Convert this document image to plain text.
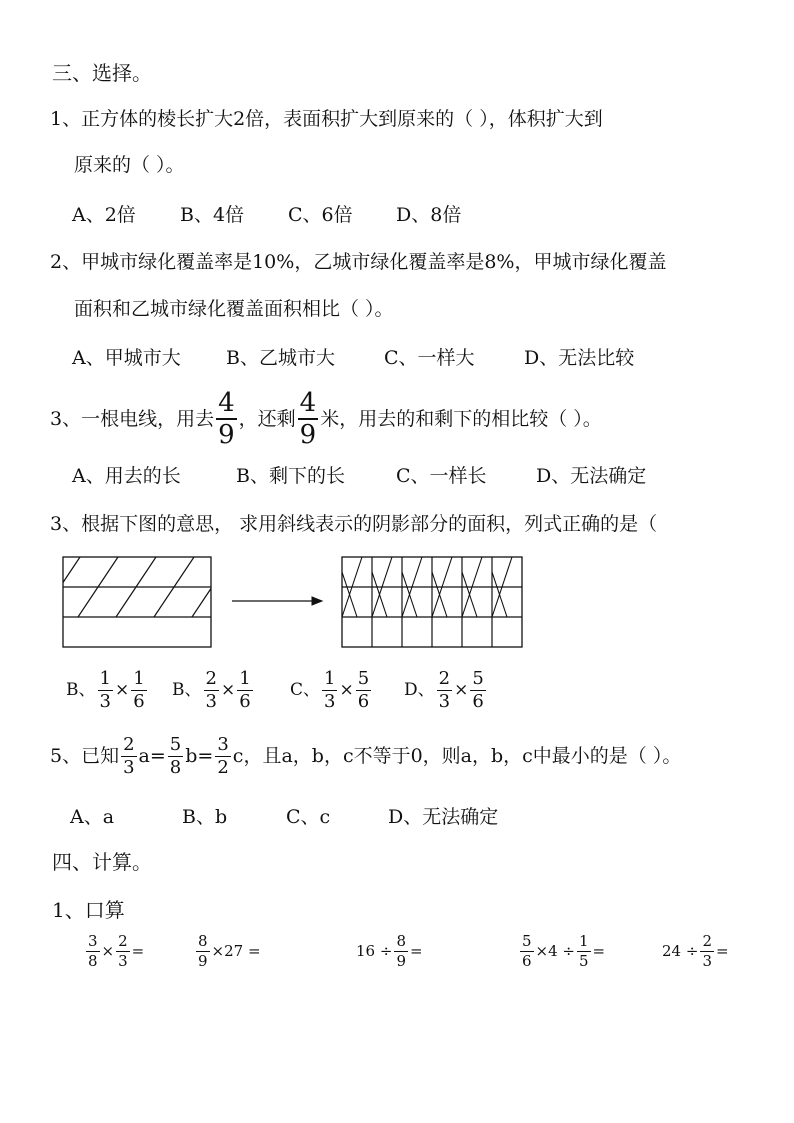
三、选择。
1、正方体的棱长扩大2倍，表面积扩大到原来的（ ），体积扩大到
原来的（ ）。
A、2倍 B、4倍 C、6倍 D、8倍
2、甲城市绿化覆盖率是10%，乙城市绿化覆盖率是8%，甲城市绿化覆盖
面积和乙城市绿化覆盖面积相比（ ）。
A、甲城市大 B、乙城市大	C、一样大	D、无法比较
3、一根电线，用去 $\frac{4}{9}$ ，还剩 $\frac{4}{9}$ 米，用去的和剩下的相比较（ ）。
A、用去的长	B、剩下的长	C、一样长	D、无法确定
3、根据下图的意思， 求用斜线表示的阴影部分的面积，列式正确的是（
B、 $\frac{1}{3} \times \frac{1}{6}$ B、 $\frac{2}{3} \times \frac{1}{6}$ C、 $\frac{1}{3} \times \frac{5}{6}$ D、 $\frac{2}{3} \times \frac{5}{6}$
5、已知 $\frac{2}{3}$ $a = \frac{5}{8}$ $b = \frac{3}{2}$ c ，且a，b，c不等于0，则a，b，c中最小的是（ ）。
A、a	B、b	C、c	D、无法确定
四、计算。
1、口算
$\frac{3}{8} \times \frac{2}{3}$ =	$\frac{8}{9} \times 27$ =	$16 \div \frac{8}{9}$ =	$\frac{5}{6} \times 4 \div \frac{1}{5}$ =	$24 \div \frac{2}{3}$ =
